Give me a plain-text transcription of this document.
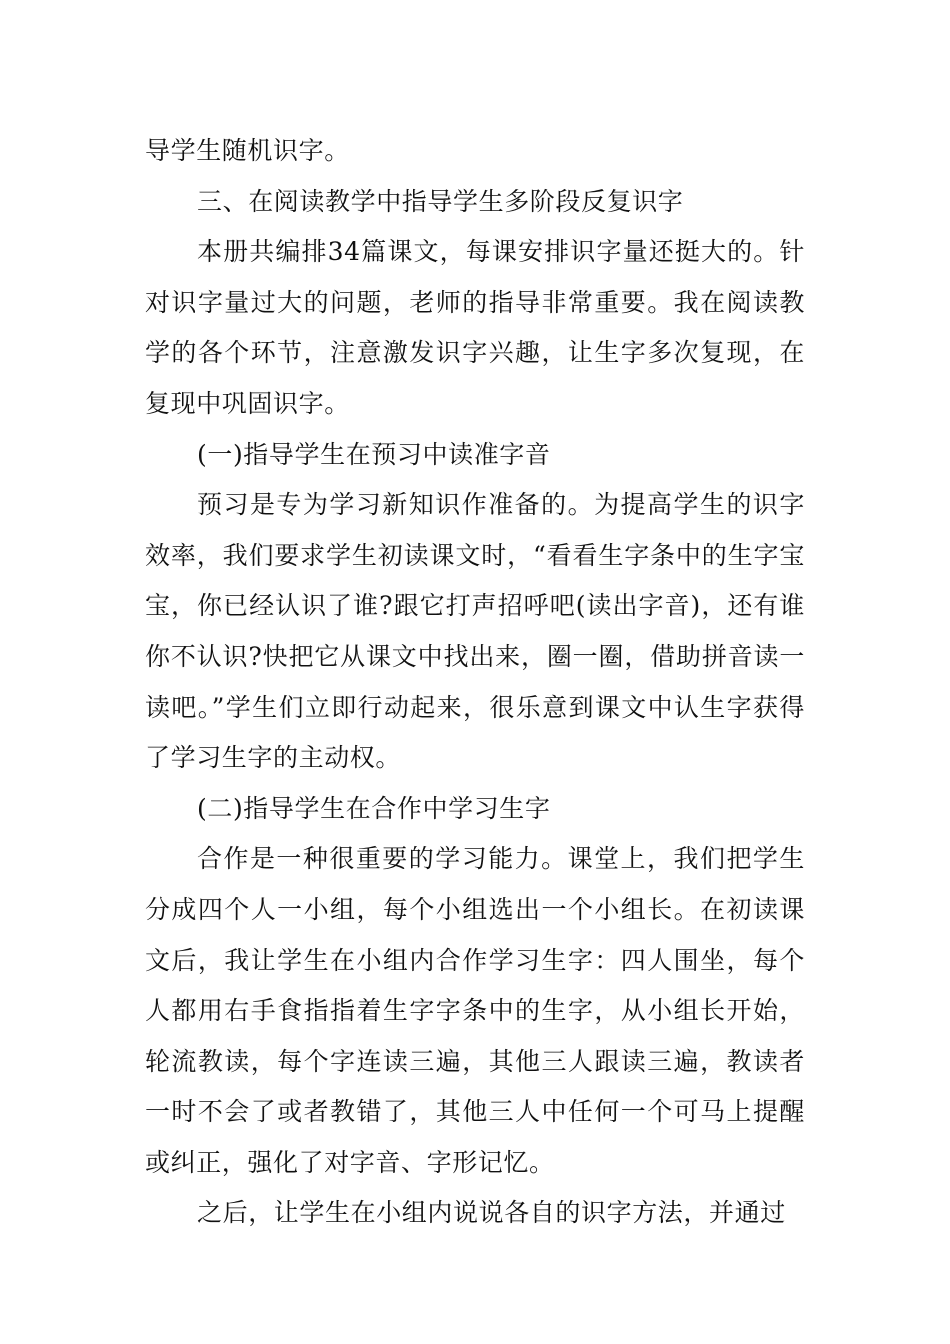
导学生随机识字。

三、在阅读教学中指导学生多阶段反复识字

本册共编排34篇课文，每课安排识字量还挺大的。针对识字量过大的问题，老师的指导非常重要。我在阅读教学的各个环节，注意激发识字兴趣，让生字多次复现，在复现中巩固识字。

(一)指导学生在预习中读准字音

预习是专为学习新知识作准备的。为提高学生的识字效率，我们要求学生初读课文时，“看看生字条中的生字宝宝，你已经认识了谁?跟它打声招呼吧(读出字音)，还有谁你不认识?快把它从课文中找出来，圈一圈，借助拼音读一读吧。”学生们立即行动起来，很乐意到课文中认生字获得了学习生字的主动权。

(二)指导学生在合作中学习生字

合作是一种很重要的学习能力。课堂上，我们把学生分成四个人一小组，每个小组选出一个小组长。在初读课文后，我让学生在小组内合作学习生字：四人围坐，每个人都用右手食指指着生字字条中的生字，从小组长开始，轮流教读，每个字连读三遍，其他三人跟读三遍，教读者一时不会了或者教错了，其他三人中任何一个可马上提醒或纠正，强化了对字音、字形记忆。

之后，让学生在小组内说说各自的识字方法，并通过
